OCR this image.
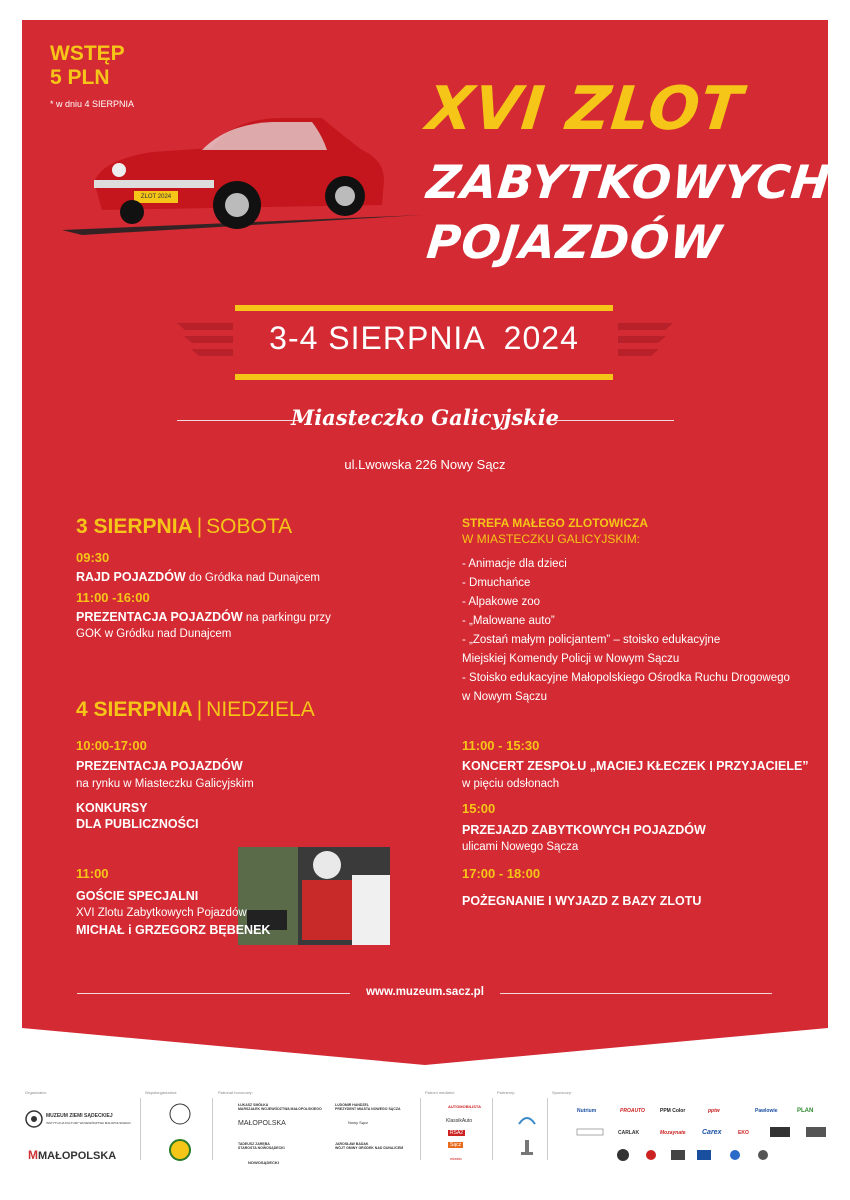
WSTĘP
5 PLN
* w dniu 4 SIERPNIA	XVI ZLOT
ZABYTKOWYCH
POJAZDÓW
ZLOT 2024
3-4 SIERPNIA  2024
Miasteczko Galicyjskie
ul.Lwowska 226 Nowy Sącz
3 SIERPNIA | SOBOTA
09:30
RAJD POJAZDÓW do Gródka nad Dunajcem
11:00 -16:00
PREZENTACJA POJAZDÓW na parkingu przy
GOK w Gródku nad Dunajcem
4 SIERPNIA | NIEDZIELA
10:00-17:00
PREZENTACJA POJAZDÓW
na rynku w Miasteczku Galicyjskim
KONKURSY
DLA PUBLICZNOŚCI
11:00
GOŚCIE SPECJALNI
XVI Zlotu Zabytkowych Pojazdów
MICHAŁ i GRZEGORZ BĘBENEK
STREFA MAŁEGO ZLOTOWICZA
W MIASTECZKU GALICYJSKIM:
- Animacje dla dzieci
- Dmuchańce
- Alpakowe zoo
- „Malowane auto”
- „Zostań małym policjantem” – stoisko edukacyjne
Miejskiej Komendy Policji w Nowym Sączu
- Stoisko edukacyjne Małopolskiego Ośrodka Ruchu Drogowego
w Nowym Sączu
11:00 - 15:30
KONCERT ZESPOŁU „MACIEJ KŁECZEK I PRZYJACIELE”
w pięciu odsłonach
15:00
PRZEJAZD ZABYTKOWYCH POJAZDÓW
ulicami Nowego Sącza
17:00 - 18:00
POŻEGNANIE I WYJAZD Z BAZY ZLOTU
www.muzeum.sacz.pl
Organizator:	Współorganizator:	Patronat honorowy:	Patroni medialni:	Partnerzy:	Sponsorzy:
MUZEUM ZIEMI SĄDECKIEJ
INSTYTUCJA KULTURY WOJEWÓDZTWA MAŁOPOLSKIEGO
MMAŁOPOLSKA
ŁUKASZ SMÓŁKA
MARSZAŁEK WOJEWÓDZTWA MAŁOPOLSKIEGO
MAŁOPOLSKA
LUDOMIR HANDZEL
PREZYDENT MIASTA NOWEGO SĄCZA
Nowy Sącz
TADEUSZ ZARĘBA
STAROSTA NOWOSĄDECKI
NOWOSĄDECKI
JAROSŁAW BADAK
WÓJT GMINY GRÓDEK NAD DUNAJCEM
AUTOMOBILISTA
KlassikAuto
RSA2
Sącz
miasto
Nutrium	PROAUTO	PPM Color	pptw	Pawlowie	PLAN
CARLAK	Mozaynate Carex	EKO
